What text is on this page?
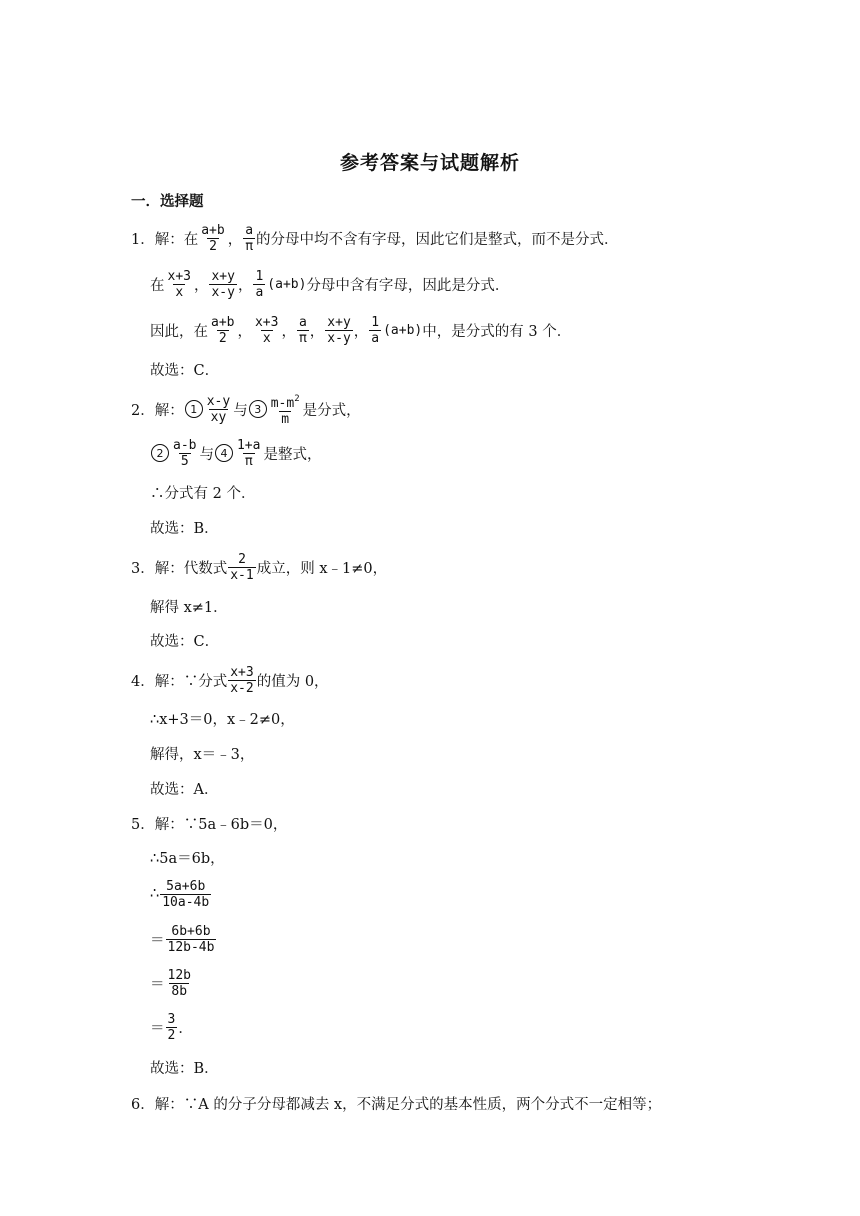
参考答案与试题解析
一．选择题
1． 解：在 $\frac{a+b}{2}$ ， $\frac{a}{\pi}$ 的分母中均不含有字母，因此它们是整式，而不是分式．
在 $\frac{x+3}{x}$ ， $\frac{x+y}{x-y}$ ， $\frac{1}{a} (a+b)$ 分母中含有字母，因此是分式．
因此，在 $\frac{a+b}{2}$ ， $\frac{x+3}{x}$ ， $\frac{a}{\pi}$ ， $\frac{x+y}{x-y}$ ， $\frac{1}{a} (a+b)$ 中，是分式的有 3 个．
故选：C．
2． 解： $1 \frac{x-y}{xy}$ 与 $3 \frac{m-m^2}{m}$ 是分式，
$2 \frac{a-b}{5}$ 与 $4 \frac{1+a}{\pi}$ 是整式，
∴分式有 2 个．
故选：B．
3． 解：代数式 $\frac{2}{x-1}$ 成立，则 x﹣1≠0，
解得 x≠1．
故选：C．
4． 解：∵分式 $\frac{x+3}{x-2}$ 的值为 0，
∴x+3＝0，x﹣2≠0，
解得，x＝﹣3，
故选：A．
5． 解：∵5a﹣6b＝0，
∴5a＝6b，
∴ $\frac{5a+6b}{10a-4b}$
＝ $\frac{6b+6b}{12b-4b}$
＝ $\frac{12b}{8b}$
＝ $\frac{3}{2}$ ．
故选：B．
6． 解：∵A 的分子分母都减去 x，不满足分式的基本性质，两个分式不一定相等；
